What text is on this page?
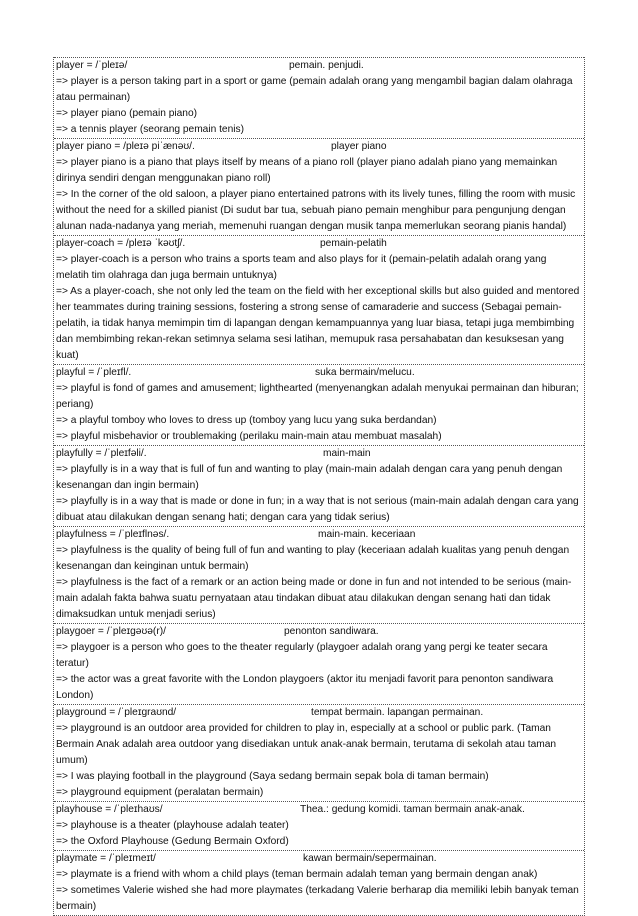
player = /ˈpleɪə/	pemain. penjudi.
=> player is a person taking part in a sport or game (pemain adalah orang yang mengambil bagian dalam olahraga atau permainan)
=> player piano (pemain piano)
=> a tennis player (seorang pemain tenis)
player piano = /pleɪə piˈænəʊ/.	player piano
=> player piano is a piano that plays itself by means of a piano roll (player piano adalah piano yang memainkan dirinya sendiri dengan menggunakan piano roll)
=> In the corner of the old saloon, a player piano entertained patrons with its lively tunes, filling the room with music without the need for a skilled pianist (Di sudut bar tua, sebuah piano pemain menghibur para pengunjung dengan alunan nada-nadanya yang meriah, memenuhi ruangan dengan musik tanpa memerlukan seorang pianis handal)
player-coach = /pleɪə ˈkəʊtʃ/.	pemain-pelatih
=> player-coach is a person who trains a sports team and also plays for it (pemain-pelatih adalah orang yang melatih tim olahraga dan juga bermain untuknya)
=> As a player-coach, she not only led the team on the field with her exceptional skills but also guided and mentored her teammates during training sessions, fostering a strong sense of camaraderie and success (Sebagai pemain-pelatih, ia tidak hanya memimpin tim di lapangan dengan kemampuannya yang luar biasa, tetapi juga membimbing dan membimbing rekan-rekan setimnya selama sesi latihan, memupuk rasa persahabatan dan kesuksesan yang kuat)
playful = /ˈpleɪfl/.	suka bermain/melucu.
=> playful is fond of games and amusement; lighthearted (menyenangkan adalah menyukai permainan dan hiburan; periang)
=> a playful tomboy who loves to dress up (tomboy yang lucu yang suka berdandan)
=> playful misbehavior or troublemaking (perilaku main-main atau membuat masalah)
playfully = /ˈpleɪfəli/.	main-main
=> playfully is in a way that is full of fun and wanting to play (main-main adalah dengan cara yang penuh dengan kesenangan dan ingin bermain)
=> playfully is in a way that is made or done in fun; in a way that is not serious (main-main adalah dengan cara yang dibuat atau dilakukan dengan senang hati; dengan cara yang tidak serius)
playfulness = /ˈpleɪflnəs/.	main-main. keceriaan
=> playfulness is the quality of being full of fun and wanting to play (keceriaan adalah kualitas yang penuh dengan kesenangan dan keinginan untuk bermain)
=> playfulness is the fact of a remark or an action being made or done in fun and not intended to be serious (main-main adalah fakta bahwa suatu pernyataan atau tindakan dibuat atau dilakukan dengan senang hati dan tidak dimaksudkan untuk menjadi serius)
playgoer = /ˈpleɪɡəʊə(r)/	penonton sandiwara.
=> playgoer is a person who goes to the theater regularly (playgoer adalah orang yang pergi ke teater secara teratur)
=> the actor was a great favorite with the London playgoers (aktor itu menjadi favorit para penonton sandiwara London)
playground = /ˈpleɪɡraʊnd/	tempat bermain. lapangan permainan.
=> playground is an outdoor area provided for children to play in, especially at a school or public park. (Taman Bermain Anak adalah area outdoor yang disediakan untuk anak-anak bermain, terutama di sekolah atau taman umum)
=> I was playing football in the playground (Saya sedang bermain sepak bola di taman bermain)
=> playground equipment (peralatan bermain)
playhouse = /ˈpleɪhaʊs/	Thea.: gedung komidi. taman bermain anak-anak.
=> playhouse is a theater (playhouse adalah teater)
=> the Oxford Playhouse (Gedung Bermain Oxford)
playmate = /ˈpleɪmeɪt/	kawan bermain/sepermainan.
=> playmate is a friend with whom a child plays (teman bermain adalah teman yang bermain dengan anak)
=> sometimes Valerie wished she had more playmates (terkadang Valerie berharap dia memiliki lebih banyak teman bermain)
